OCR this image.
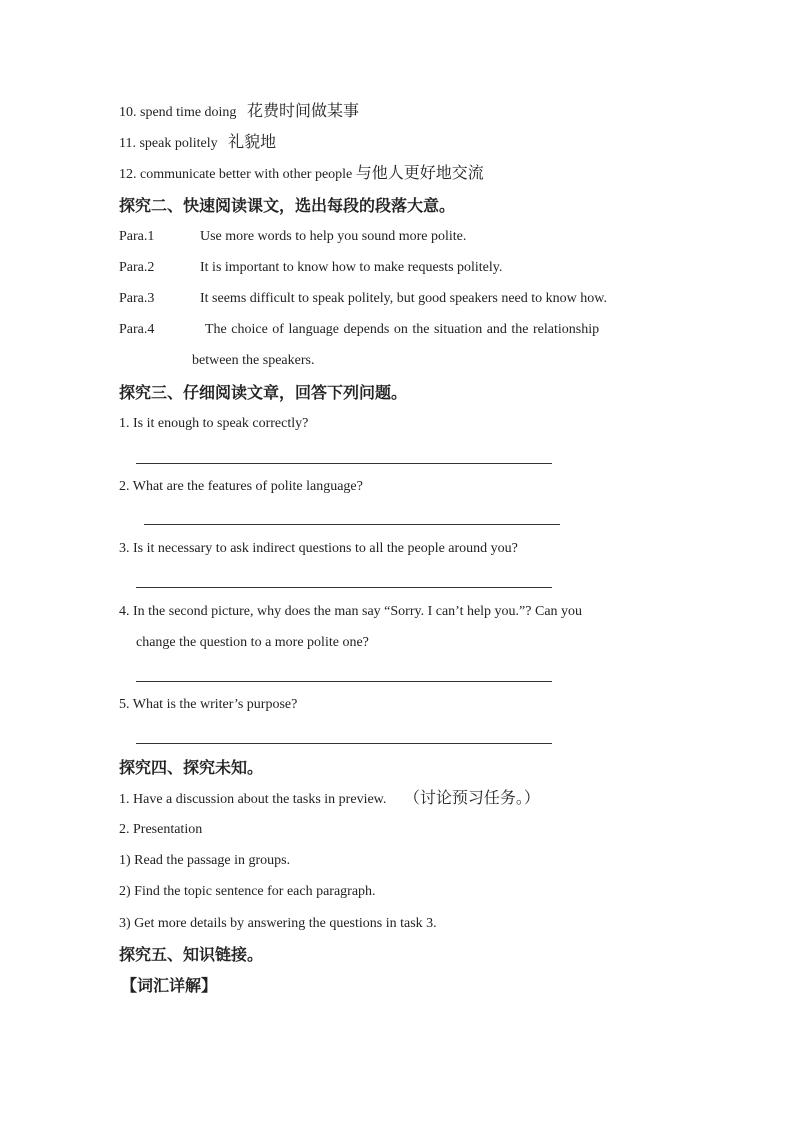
10. spend time doing 花费时间做某事
11. speak politely 礼貌地
12. communicate better with other people 与他人更好地交流
探究二、快速阅读课文，选出每段的段落大意。
Para.1	Use more words to help you sound more polite.
Para.2	It is important to know how to make requests politely.
Para.3	It seems difficult to speak politely, but good speakers need to know how.
Para.4	The choice of language depends on the situation and the relationship
between the speakers.
探究三、仔细阅读文章，回答下列问题。
1. Is it enough to speak correctly?
2. What are the features of polite language?
3. Is it necessary to ask indirect questions to all the people around you?
4. In the second picture, why does the man say “Sorry. I can’t help you.”? Can you
change the question to a more polite one?
5. What is the writer’s purpose?
探究四、探究未知。
1. Have a discussion about the tasks in preview. （讨论预习任务。）
2. Presentation
1) Read the passage in groups.
2) Find the topic sentence for each paragraph.
3) Get more details by answering the questions in task 3.
探究五、知识链接。
【词汇详解】
